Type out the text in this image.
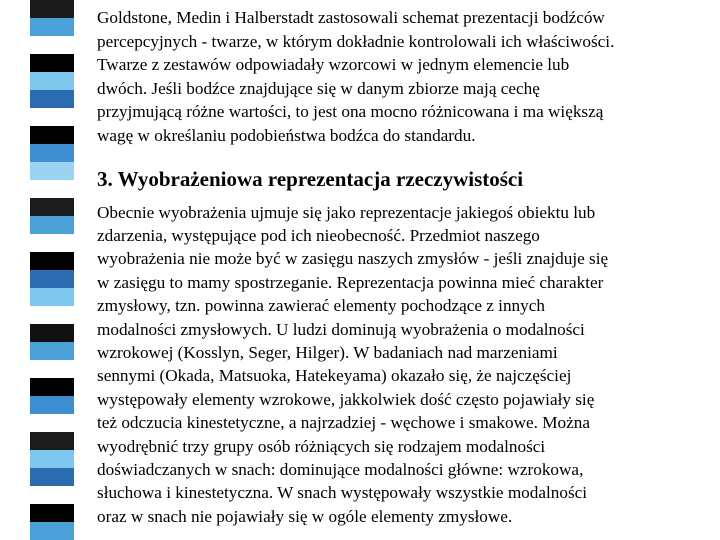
Goldstone, Medin i Halberstadt zastosowali schemat prezentacji bodźców
percepcyjnych - twarze, w którym dokładnie kontrolowali ich właściwości.
Twarze z zestawów odpowiadały wzorcowi w jednym elemencie lub
dwóch. Jeśli bodźce znajdujące się w danym zbiorze mają cechę
przyjmującą różne wartości, to jest ona mocno różnicowana i ma większą
wagę w określaniu podobieństwa bodźca do standardu.

3. Wyobrażeniowa reprezentacja rzeczywistości

Obecnie wyobrażenia ujmuje się jako reprezentacje jakiegoś obiektu lub
zdarzenia, występujące pod ich nieobecność. Przedmiot naszego
wyobrażenia nie może być w zasięgu naszych zmysłów - jeśli znajduje się
w zasięgu to mamy spostrzeganie. Reprezentacja powinna mieć charakter
zmysłowy, tzn. powinna zawierać elementy pochodzące z innych
modalności zmysłowych. U ludzi dominują wyobrażenia o modalności
wzrokowej (Kosslyn, Seger, Hilger). W badaniach nad marzeniami
sennymi (Okada, Matsuoka, Hatekeyama) okazało się, że najczęściej
występowały elementy wzrokowe, jakkolwiek dość często pojawiały się
też odczucia kinestetyczne, a najrzadziej - węchowe i smakowe. Można
wyodrębnić trzy grupy osób różniących się rodzajem modalności
doświadczanych w snach: dominujące modalności główne: wzrokowa,
słuchowa i kinestetyczna. W snach występowały wszystkie modalności
oraz w snach nie pojawiały się w ogóle elementy zmysłowe.
